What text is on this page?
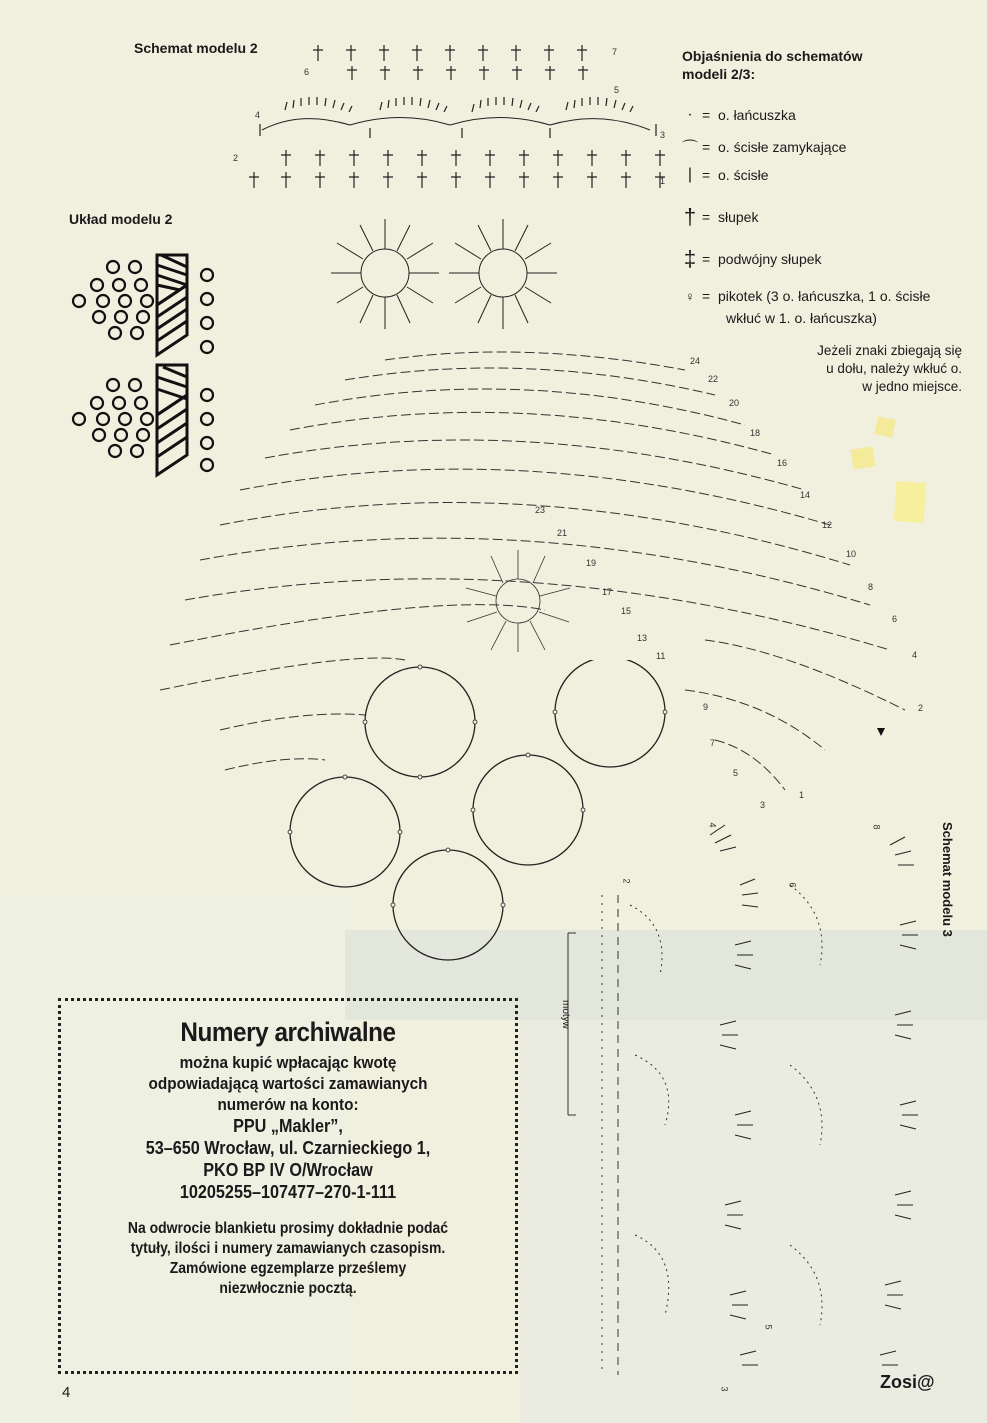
Schemat modelu 2
Układ modelu 2
Schemat modelu 3
Objaśnienia do schematów
modeli 2/3:
· = o. łańcuszka
⌒ = o. ścisłe zamykające
| = o. ścisłe
† = słupek
‡ = podwójny słupek
♀ = pikotek (3 o. łańcuszka, 1 o. ścisłe
wkłuć w 1. o. łańcuszka)
Jeżeli znaki zbiegają się
u dołu, należy wkłuć o.
w jedno miejsce.
7
6
5
4
3
2
1
24
22
20
18
16
14
12
10
8
6
4
2
23
21
19
17
15
13
11
9
7
5
3
1
4
2
6
8
5
3
motyw
Numery archiwalne

można kupić wpłacając kwotę

odpowiadającą wartości zamawianych

numerów na konto:

PPU „Makler”,

53–650 Wrocław, ul. Czarnieckiego 1,

PKO BP IV O/Wrocław

10205255–107477–270-1-111

Na odwrocie blankietu prosimy dokładnie podać

tytuły, ilości i numery zamawianych czasopism.

Zamówione egzemplarze prześlemy

niezwłocznie pocztą.

4
Zosi@
